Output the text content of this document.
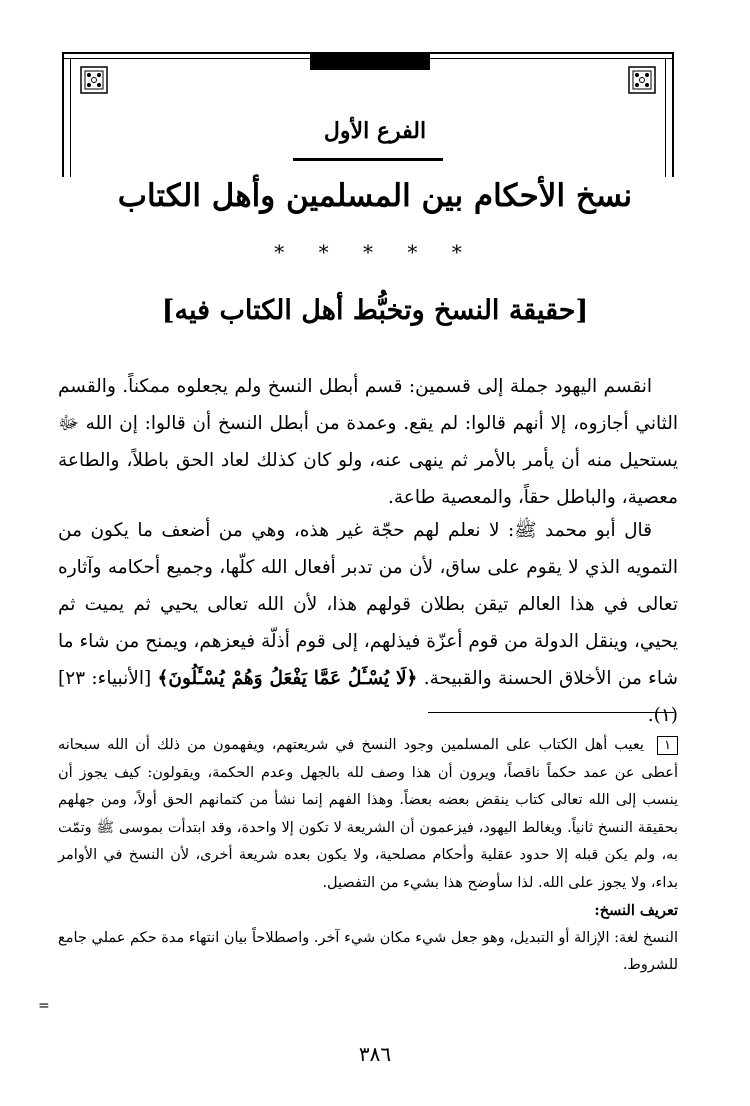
الفرع الأول
نسخ الأحكام بين المسلمين وأهل الكتاب
* * * * *
[حقيقة النسخ وتخبُّط أهل الكتاب فيه]

انقسم اليهود جملة إلى قسمين: قسم أبطل النسخ ولم يجعلوه ممكناً. والقسم الثاني أجازوه، إلا أنهم قالوا: لم يقع. وعمدة من أبطل النسخ أن قالوا: إن الله ﷻ يستحيل منه أن يأمر بالأمر ثم ينهى عنه، ولو كان كذلك لعاد الحق باطلاً، والطاعة معصية، والباطل حقاً، والمعصية طاعة.

قال أبو محمد ﷺ: لا نعلم لهم حجّة غير هذه، وهي من أضعف ما يكون من التمويه الذي لا يقوم على ساق، لأن من تدبر أفعال الله كلّها، وجميع أحكامه وآثاره تعالى في هذا العالم تيقن بطلان قولهم هذا، لأن الله تعالى يحيي ثم يميت ثم يحيي، وينقل الدولة من قوم أعزّة فيذلهم، إلى قوم أذلّة فيعزهم، ويمنح من شاء ما شاء من الأخلاق الحسنة والقبيحة. ﴿لَا يُسْـَٔلُ عَمَّا يَفْعَلُ وَهُمْ يُسْـَٔلُونَ﴾ [الأنبياء: ٢٣](١).

١ يعيب أهل الكتاب على المسلمين وجود النسخ في شريعتهم، ويفهمون من ذلك أن الله سبحانه أعطى عن عمد حكماً ناقصاً، ويرون أن هذا وصف لله بالجهل وعدم الحكمة، ويقولون: كيف يجوز أن ينسب إلى الله تعالى كتاب ينقض بعضه بعضاً. وهذا الفهم إنما نشأ من كتمانهم الحق أولاً، ومن جهلهم بحقيقة النسخ ثانياً. ويغالط اليهود، فيزعمون أن الشريعة لا تكون إلا واحدة، وقد ابتدأت بموسى ﷺ وتمّت به، ولم يكن قبله إلا حدود عقلية وأحكام مصلحية، ولا يكون بعده شريعة أخرى، لأن النسخ في الأوامر بداء، ولا يجوز على الله. لذا سأوضح هذا بشيء من التفصيل.

تعريف النسخ:

النسخ لغة: الإزالة أو التبديل، وهو جعل شيء مكان شيء آخر. واصطلاحاً بيان انتهاء مدة حكم عملي جامع للشروط.

=
٣٨٦
